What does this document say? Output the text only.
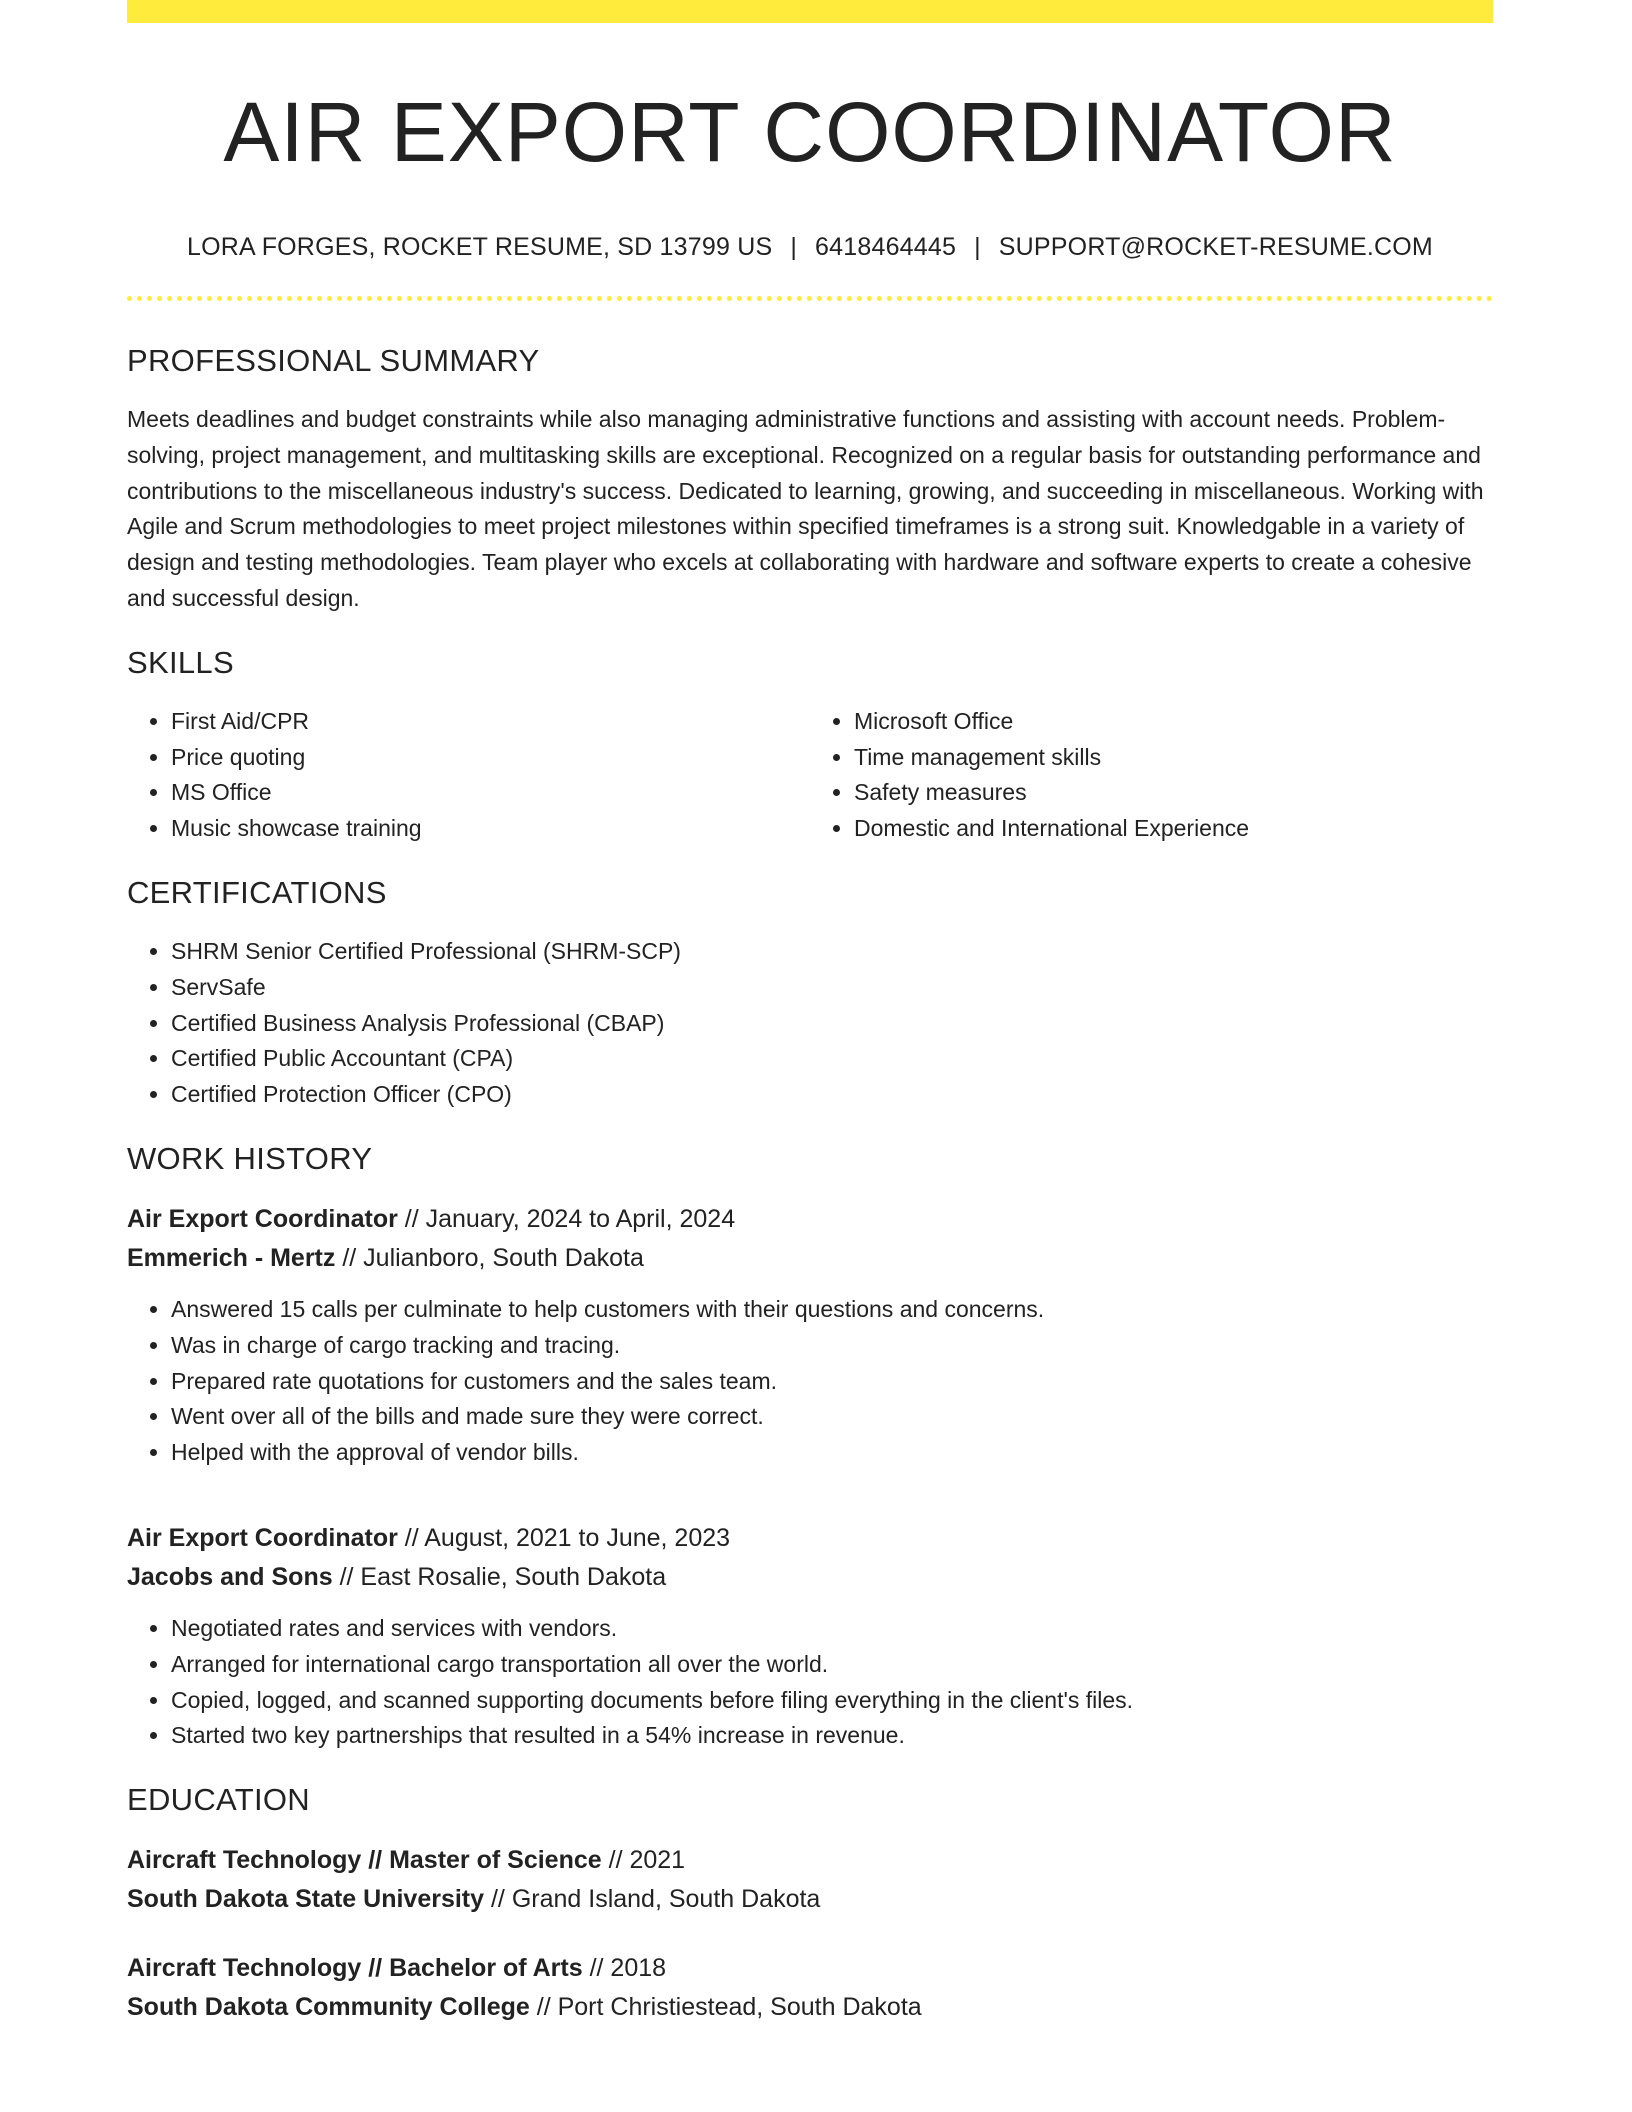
AIR EXPORT COORDINATOR
LORA FORGES, ROCKET RESUME, SD 13799 US | 6418464445 | SUPPORT@ROCKET-RESUME.COM
PROFESSIONAL SUMMARY

Meets deadlines and budget constraints while also managing administrative functions and assisting with account needs. Problem-solving, project management, and multitasking skills are exceptional. Recognized on a regular basis for outstanding performance and contributions to the miscellaneous industry's success. Dedicated to learning, growing, and succeeding in miscellaneous. Working with Agile and Scrum methodologies to meet project milestones within specified timeframes is a strong suit. Knowledgable in a variety of design and testing methodologies. Team player who excels at collaborating with hardware and software experts to create a cohesive and successful design.

SKILLS
• First Aid/CPR
• Price quoting
• MS Office
• Music showcase training
• Microsoft Office
• Time management skills
• Safety measures
• Domestic and International Experience
CERTIFICATIONS
• SHRM Senior Certified Professional (SHRM-SCP)
• ServSafe
• Certified Business Analysis Professional (CBAP)
• Certified Public Accountant (CPA)
• Certified Protection Officer (CPO)
WORK HISTORY
Air Export Coordinator // January, 2024 to April, 2024
Emmerich - Mertz // Julianboro, South Dakota
• Answered 15 calls per culminate to help customers with their questions and concerns.
• Was in charge of cargo tracking and tracing.
• Prepared rate quotations for customers and the sales team.
• Went over all of the bills and made sure they were correct.
• Helped with the approval of vendor bills.
Air Export Coordinator // August, 2021 to June, 2023
Jacobs and Sons // East Rosalie, South Dakota
• Negotiated rates and services with vendors.
• Arranged for international cargo transportation all over the world.
• Copied, logged, and scanned supporting documents before filing everything in the client's files.
• Started two key partnerships that resulted in a 54% increase in revenue.
EDUCATION
Aircraft Technology // Master of Science // 2021
South Dakota State University // Grand Island, South Dakota
Aircraft Technology // Bachelor of Arts // 2018
South Dakota Community College // Port Christiestead, South Dakota
